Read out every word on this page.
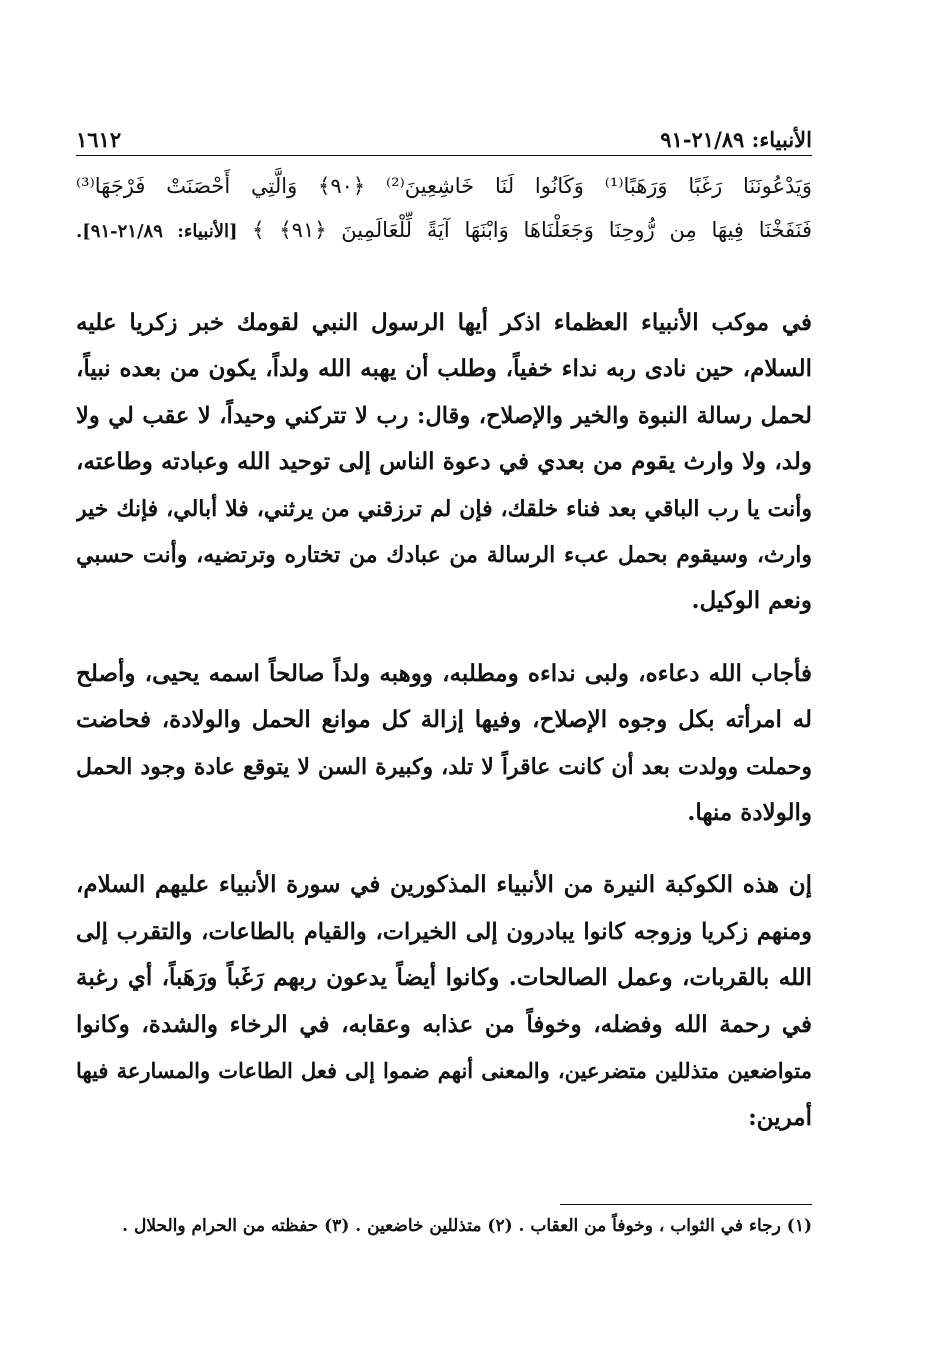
الأنبياء: ٢١/٨٩-٩١
١٦١٢

وَيَدْعُونَنَا رَغَبًا وَرَهَبًا⁽¹⁾ وَكَانُوا لَنَا خَاشِعِينَ⁽²⁾ ﴿٩٠﴾ وَالَّتِي أَحْصَنَتْ فَرْجَهَا⁽³⁾

فَنَفَخْنَا فِيهَا مِن رُّوحِنَا وَجَعَلْنَاهَا وَابْنَهَا آيَةً لِّلْعَالَمِينَ ﴿٩١﴾ ﴾ [الأنبياء: ٢١/٨٩-٩١].

في موكب الأنبياء العظماء اذكر أيها الرسول النبي لقومك خبر زكريا عليه

السلام، حين نادى ربه نداء خفياً، وطلب أن يهبه الله ولداً، يكون من بعده نبياً،

لحمل رسالة النبوة والخير والإصلاح، وقال: رب لا تتركني وحيداً، لا عقب لي ولا

ولد، ولا وارث يقوم من بعدي في دعوة الناس إلى توحيد الله وعبادته وطاعته،

وأنت يا رب الباقي بعد فناء خلقك، فإن لم ترزقني من يرثني، فلا أبالي، فإنك خير

وارث، وسيقوم بحمل عبء الرسالة من عبادك من تختاره وترتضيه، وأنت حسبي

ونعم الوكيل.

فأجاب الله دعاءه، ولبى نداءه ومطلبه، ووهبه ولداً صالحاً اسمه يحيى، وأصلح

له امرأته بكل وجوه الإصلاح، وفيها إزالة كل موانع الحمل والولادة، فحاضت

وحملت وولدت بعد أن كانت عاقراً لا تلد، وكبيرة السن لا يتوقع عادة وجود الحمل

والولادة منها.

إن هذه الكوكبة النيرة من الأنبياء المذكورين في سورة الأنبياء عليهم السلام،

ومنهم زكريا وزوجه كانوا يبادرون إلى الخيرات، والقيام بالطاعات، والتقرب إلى

الله بالقربات، وعمل الصالحات. وكانوا أيضاً يدعون ربهم رَغَباً ورَهَباً، أي رغبة

في رحمة الله وفضله، وخوفاً من عذابه وعقابه، في الرخاء والشدة، وكانوا

متواضعين متذللين متضرعين، والمعنى أنهم ضموا إلى فعل الطاعات والمسارعة فيها

أمرين:

(١) رجاء في الثواب ، وخوفاً من العقاب . (٢) متذللين خاضعين . (٣) حفظته من الحرام والحلال .
